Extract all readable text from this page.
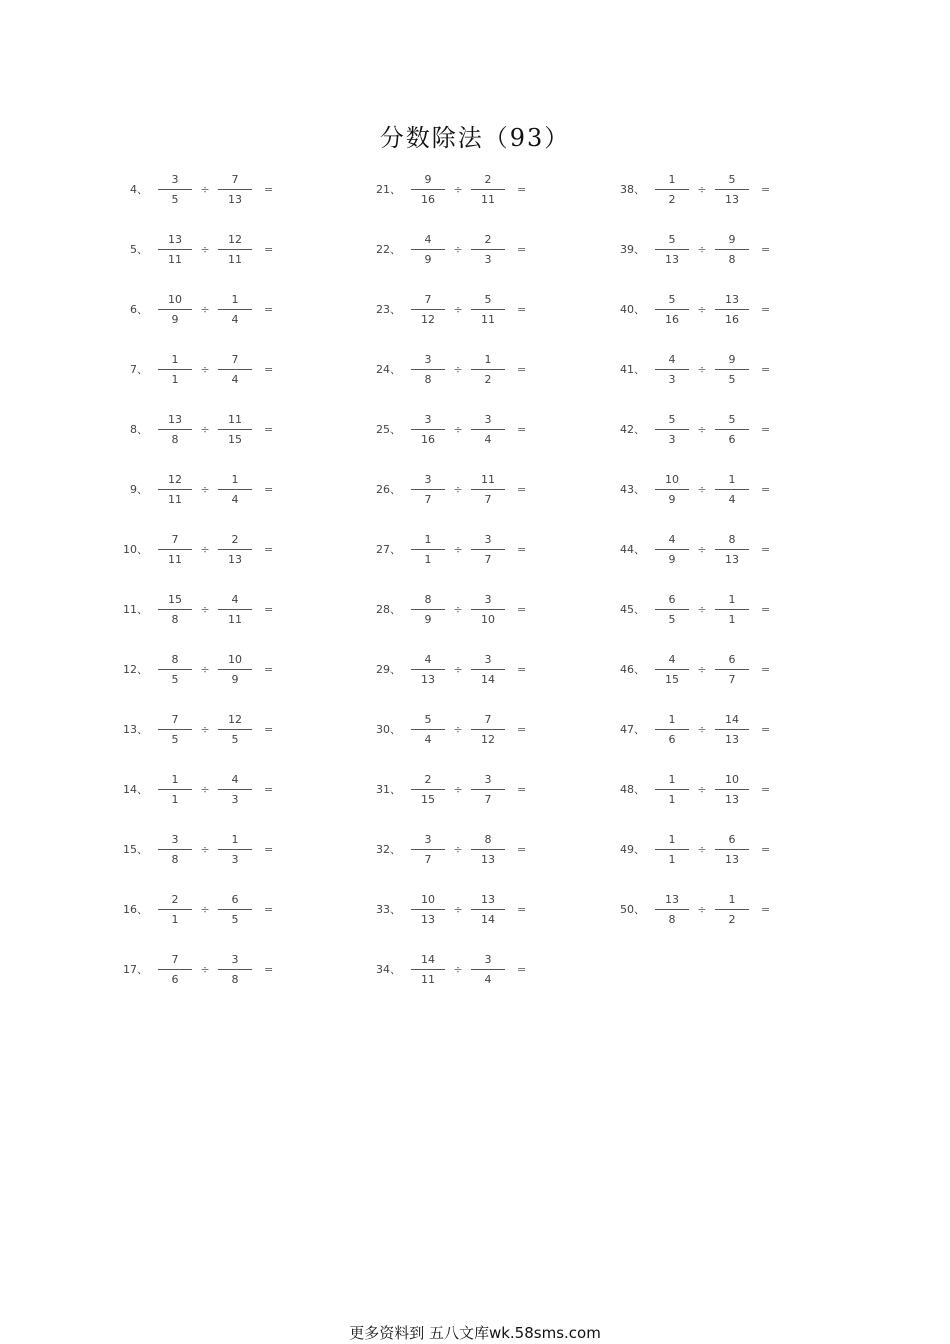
分数除法（93）
4、 $\frac{3}{5} \div \frac{7}{13}$ =
5、 $\frac{13}{11} \div \frac{12}{11}$ =
6、 $\frac{10}{9} \div \frac{1}{4}$ =
7、 $\frac{1}{1} \div \frac{7}{4}$ =
8、 $\frac{13}{8} \div \frac{11}{15}$ =
9、 $\frac{12}{11} \div \frac{1}{4}$ =
10、 $\frac{7}{11} \div \frac{2}{13}$ =
11、 $\frac{15}{8} \div \frac{4}{11}$ =
12、 $\frac{8}{5} \div \frac{10}{9}$ =
13、 $\frac{7}{5} \div \frac{12}{5}$ =
14、 $\frac{1}{1} \div \frac{4}{3}$ =
15、 $\frac{3}{8} \div \frac{1}{3}$ =
16、 $\frac{2}{1} \div \frac{6}{5}$ =
17、 $\frac{7}{6} \div \frac{3}{8}$ =
21、 $\frac{9}{16} \div \frac{2}{11}$ =
22、 $\frac{4}{9} \div \frac{2}{3}$ =
23、 $\frac{7}{12} \div \frac{5}{11}$ =
24、 $\frac{3}{8} \div \frac{1}{2}$ =
25、 $\frac{3}{16} \div \frac{3}{4}$ =
26、 $\frac{3}{7} \div \frac{11}{7}$ =
27、 $\frac{1}{1} \div \frac{3}{7}$ =
28、 $\frac{8}{9} \div \frac{3}{10}$ =
29、 $\frac{4}{13} \div \frac{3}{14}$ =
30、 $\frac{5}{4} \div \frac{7}{12}$ =
31、 $\frac{2}{15} \div \frac{3}{7}$ =
32、 $\frac{3}{7} \div \frac{8}{13}$ =
33、 $\frac{10}{13} \div \frac{13}{14}$ =
34、 $\frac{14}{11} \div \frac{3}{4}$ =
38、 $\frac{1}{2} \div \frac{5}{13}$ =
39、 $\frac{5}{13} \div \frac{9}{8}$ =
40、 $\frac{5}{16} \div \frac{13}{16}$ =
41、 $\frac{4}{3} \div \frac{9}{5}$ =
42、 $\frac{5}{3} \div \frac{5}{6}$ =
43、 $\frac{10}{9} \div \frac{1}{4}$ =
44、 $\frac{4}{9} \div \frac{8}{13}$ =
45、 $\frac{6}{5} \div \frac{1}{1}$ =
46、 $\frac{4}{15} \div \frac{6}{7}$ =
47、 $\frac{1}{6} \div \frac{14}{13}$ =
48、 $\frac{1}{1} \div \frac{10}{13}$ =
49、 $\frac{1}{1} \div \frac{6}{13}$ =
50、 $\frac{13}{8} \div \frac{1}{2}$ =
更多资料到 五八文库wk.58sms.com
